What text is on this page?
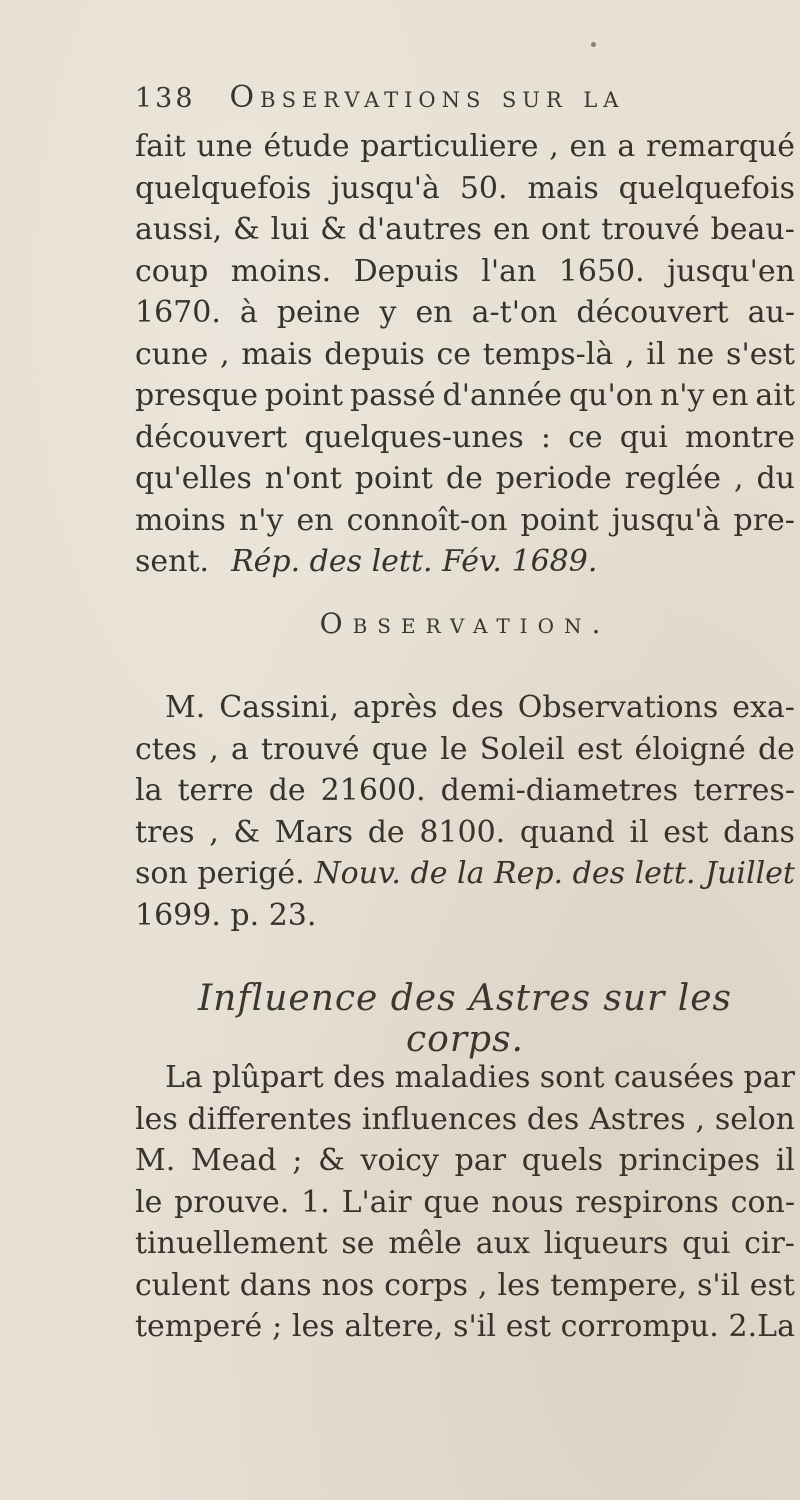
138 Observations sur la
fait une étude particuliere , en a remarqué
quelquefois jusqu'à 50. mais quelquefois
aussi, & lui & d'autres en ont trouvé beau-
coup moins. Depuis l'an 1650. jusqu'en
1670. à peine y en a-t'on découvert au-
cune , mais depuis ce temps-là , il ne s'est
presque point passé d'année qu'on n'y en ait
découvert quelques-unes : ce qui montre
qu'elles n'ont point de periode reglée , du
moins n'y en connoît-on point jusqu'à pre-
sent. Rép. des lett. Fév. 1689.
Observation.
M. Cassini, après des Observations exa-
ctes , a trouvé que le Soleil est éloigné de
la terre de 21600. demi-diametres terres-
tres , & Mars de 8100. quand il est dans
son perigé. Nouv. de la Rep. des lett. Juillet
1699. p. 23.
Influence des Astres sur les corps.
La plûpart des maladies sont causées par
les differentes influences des Astres , selon
M. Mead ; & voicy par quels principes il
le prouve. 1. L'air que nous respirons con-
tinuellement se mêle aux liqueurs qui cir-
culent dans nos corps , les tempere, s'il est
temperé ; les altere, s'il est corrompu. 2.La
